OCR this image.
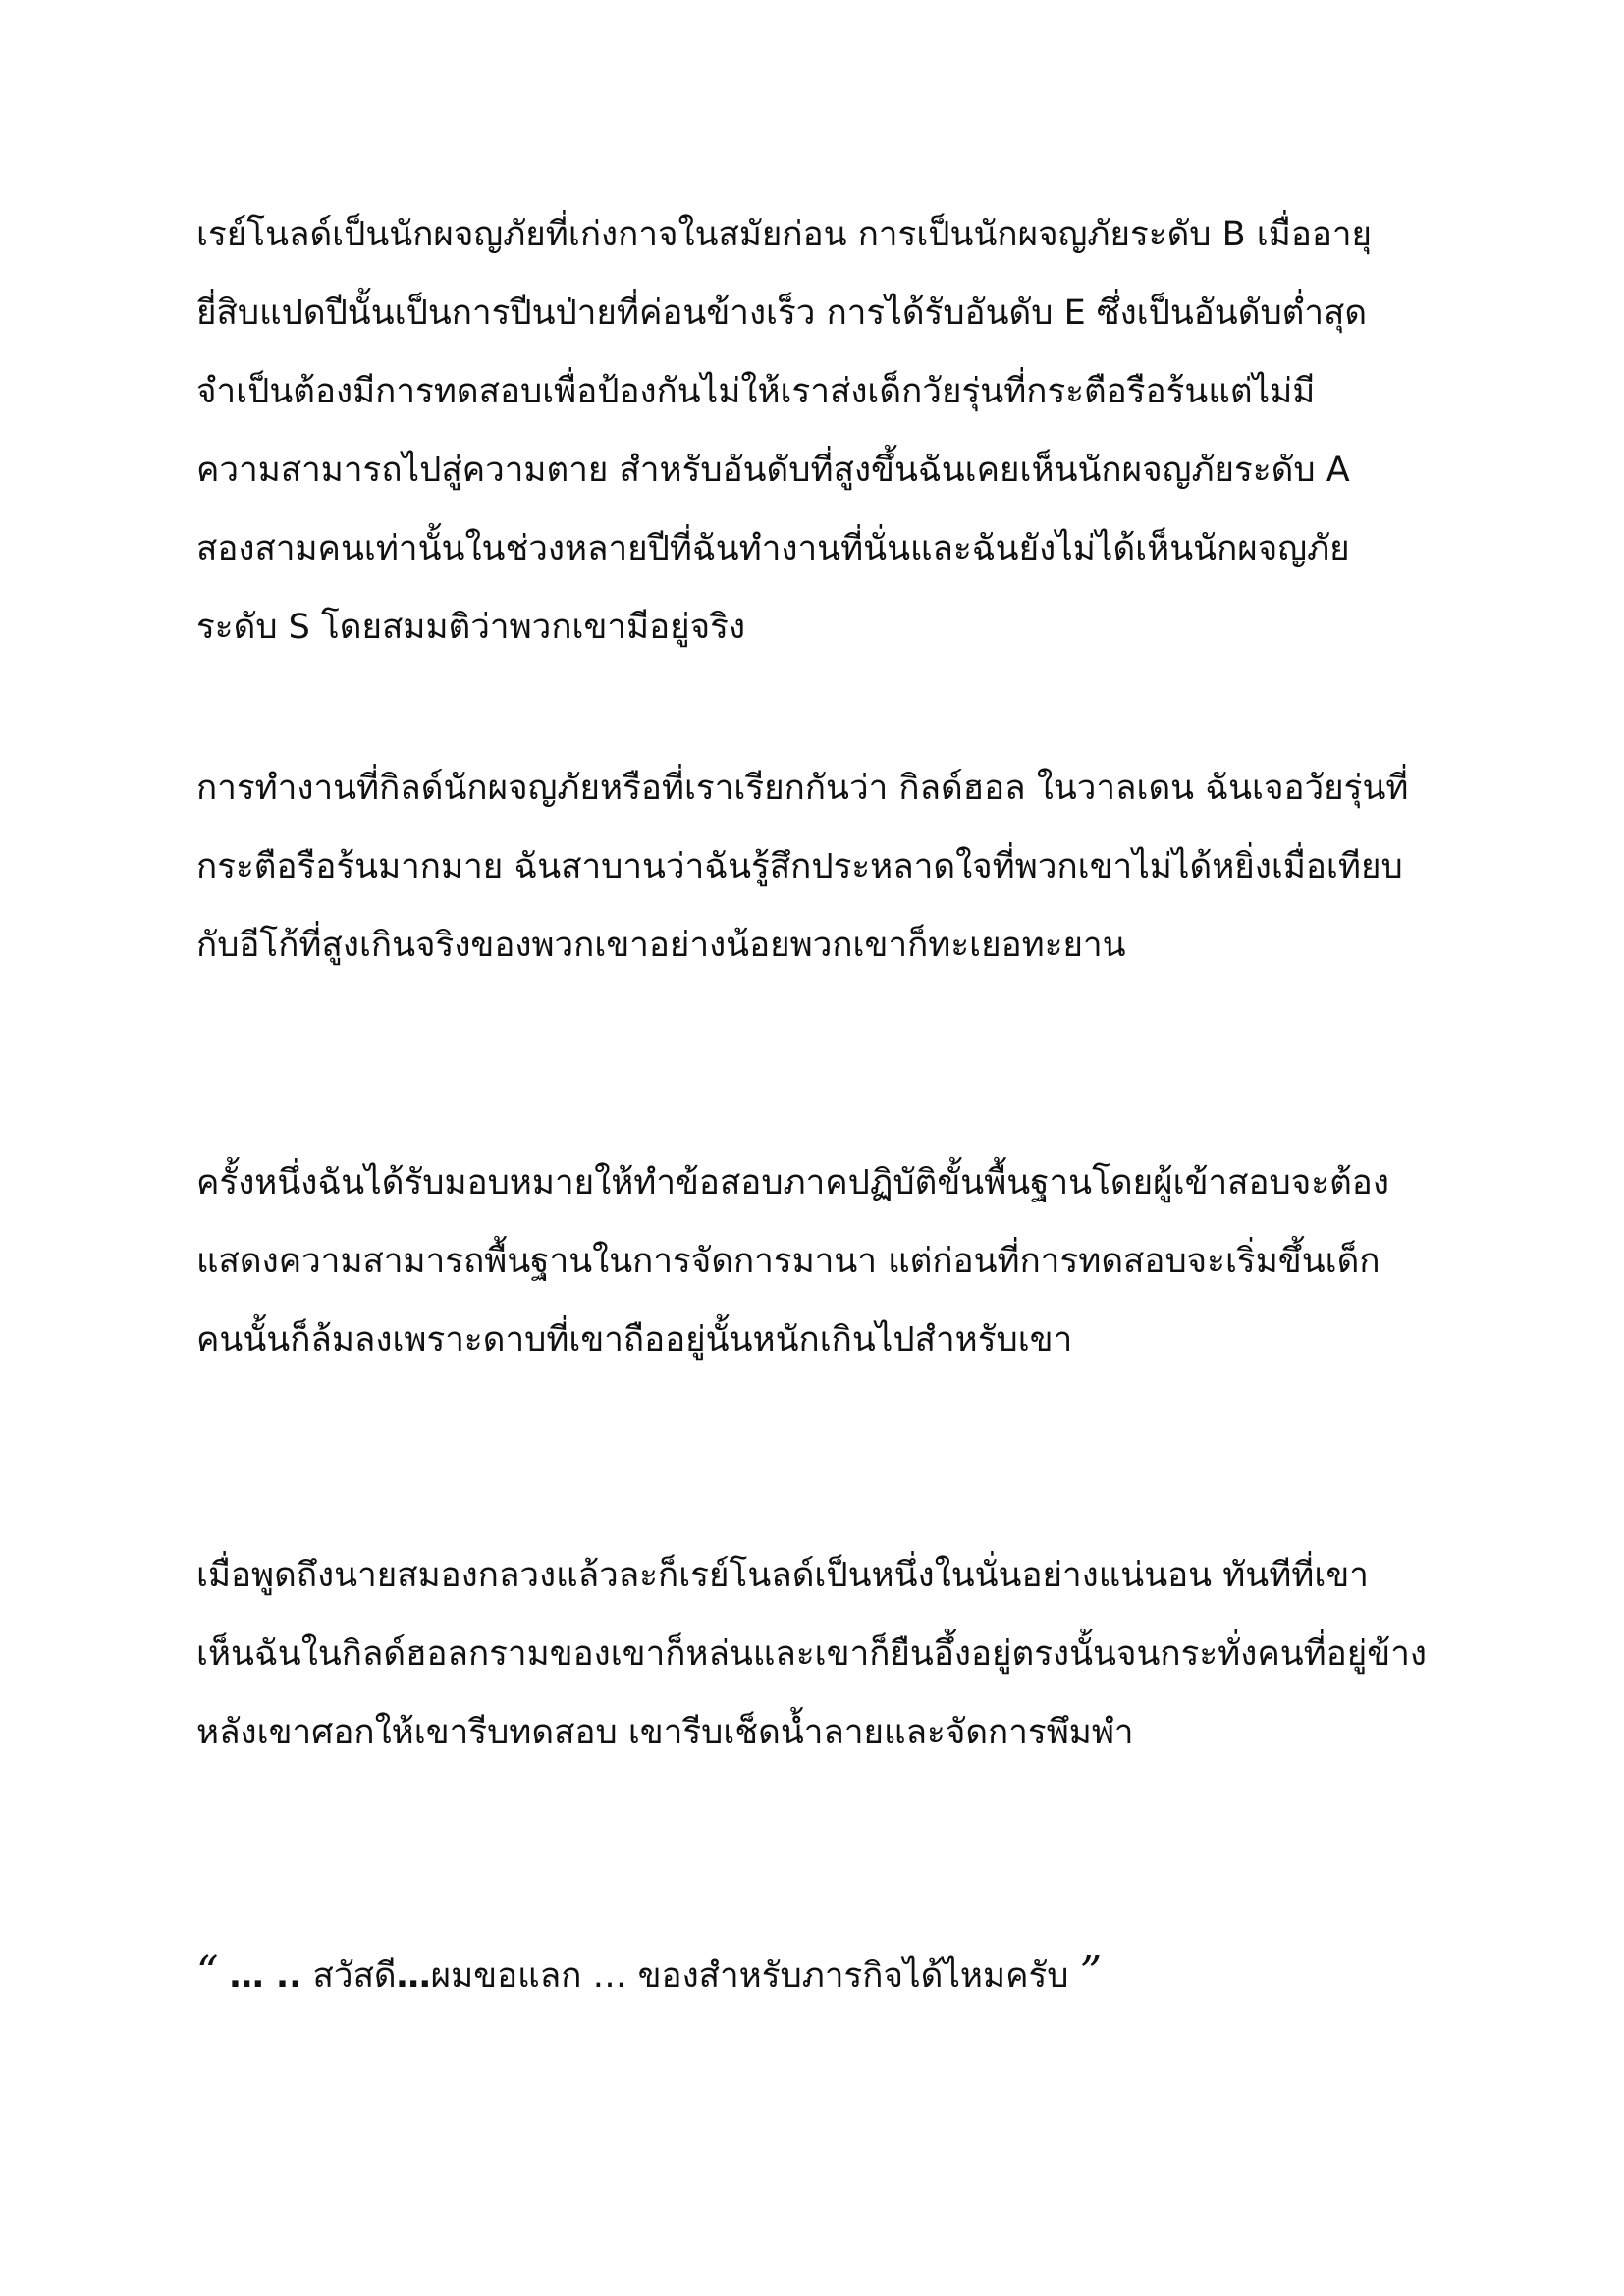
เรย์โนลด์เป็นนักผจญภัยที่เก่งกาจในสมัยก่อน การเป็นนักผจญภัยระดับ B เมื่ออายุ
ยี่สิบแปดปีนั้นเป็นการปีนป่ายที่ค่อนข้างเร็ว การได้รับอันดับ E ซึ่งเป็นอันดับต่ำสุด
จำเป็นต้องมีการทดสอบเพื่อป้องกันไม่ให้เราส่งเด็กวัยรุ่นที่กระตือรือร้นแต่ไม่มี
ความสามารถไปสู่ความตาย สำหรับอันดับที่สูงขึ้นฉันเคยเห็นนักผจญภัยระดับ A
สองสามคนเท่านั้นในช่วงหลายปีที่ฉันทำงานที่นั่นและฉันยังไม่ได้เห็นนักผจญภัย
ระดับ S โดยสมมติว่าพวกเขามีอยู่จริง
การทำงานที่กิลด์นักผจญภัยหรือที่เราเรียกกันว่า กิลด์ฮอล ในวาลเดน ฉันเจอวัยรุ่นที่
กระตือรือร้นมากมาย ฉันสาบานว่าฉันรู้สึกประหลาดใจที่พวกเขาไม่ได้หยิ่งเมื่อเทียบ
กับอีโก้ที่สูงเกินจริงของพวกเขาอย่างน้อยพวกเขาก็ทะเยอทะยาน
ครั้งหนึ่งฉันได้รับมอบหมายให้ทำข้อสอบภาคปฏิบัติขั้นพื้นฐานโดยผู้เข้าสอบจะต้อง
แสดงความสามารถพื้นฐานในการจัดการมานา แต่ก่อนที่การทดสอบจะเริ่มขึ้นเด็ก
คนนั้นก็ล้มลงเพราะดาบที่เขาถืออยู่นั้นหนักเกินไปสำหรับเขา
เมื่อพูดถึงนายสมองกลวงแล้วละก็เรย์โนลด์เป็นหนึ่งในนั่นอย่างแน่นอน ทันทีที่เขา
เห็นฉันในกิลด์ฮอลกรามของเขาก็หล่นและเขาก็ยืนอึ้งอยู่ตรงนั้นจนกระทั่งคนที่อยู่ข้าง
หลังเขาศอกให้เขารีบทดสอบ เขารีบเช็ดน้ำลายและจัดการพึมพำ
“ … .. สวัสดี…ผมขอแลก … ของสำหรับภารกิจได้ไหมครับ ”
